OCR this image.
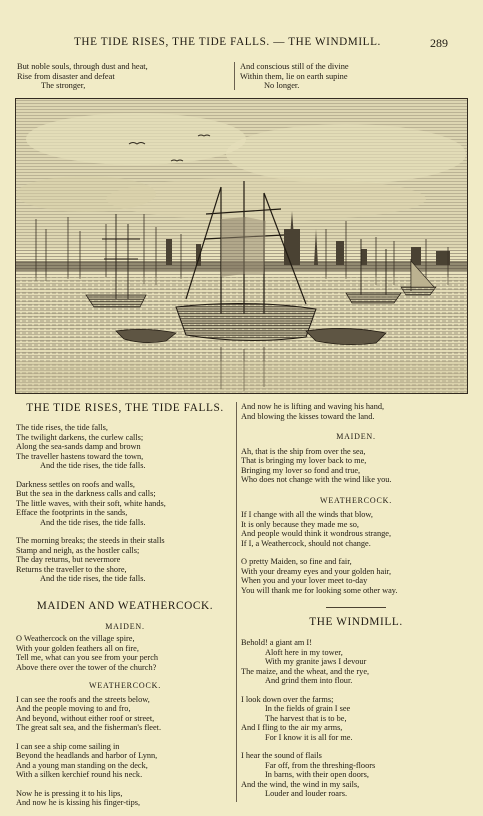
THE TIDE RISES, THE TIDE FALLS. — THE WINDMILL.	289
But noble souls, through dust and heat,
Rise from disaster and defeat
The stronger,
And conscious still of the divine
Within them, lie on earth supine
No longer.
THE TIDE RISES, THE TIDE FALLS.
The tide rises, the tide falls,
The twilight darkens, the curlew calls;
Along the sea-sands damp and brown
The traveller hastens toward the town,
And the tide rises, the tide falls.
Darkness settles on roofs and walls,
But the sea in the darkness calls and calls;
The little waves, with their soft, white hands,
Efface the footprints in the sands,
And the tide rises, the tide falls.
The morning breaks; the steeds in their stalls
Stamp and neigh, as the hostler calls;
The day returns, but nevermore
Returns the traveller to the shore,
And the tide rises, the tide falls.
MAIDEN AND WEATHERCOCK.
MAIDEN.
O Weathercock on the village spire,
With your golden feathers all on fire,
Tell me, what can you see from your perch
Above there over the tower of the church?
WEATHERCOCK.
I can see the roofs and the streets below,
And the people moving to and fro,
And beyond, without either roof or street,
The great salt sea, and the fisherman's fleet.
I can see a ship come sailing in
Beyond the headlands and harbor of Lynn,
And a young man standing on the deck,
With a silken kerchief round his neck.
Now he is pressing it to his lips,
And now he is kissing his finger-tips,
And now he is lifting and waving his hand,
And blowing the kisses toward the land.
MAIDEN.
Ah, that is the ship from over the sea,
That is bringing my lover back to me,
Bringing my lover so fond and true,
Who does not change with the wind like you.
WEATHERCOCK.
If I change with all the winds that blow,
It is only because they made me so,
And people would think it wondrous strange,
If I, a Weathercock, should not change.
O pretty Maiden, so fine and fair,
With your dreamy eyes and your golden hair,
When you and your lover meet to-day
You will thank me for looking some other way.
THE WINDMILL.
Behold! a giant am I!
Aloft here in my tower,
With my granite jaws I devour
The maize, and the wheat, and the rye,
And grind them into flour.
I look down over the farms;
In the fields of grain I see
The harvest that is to be,
And I fling to the air my arms,
For I know it is all for me.
I hear the sound of flails
Far off, from the threshing-floors
In barns, with their open doors,
And the wind, the wind in my sails,
Louder and louder roars.
